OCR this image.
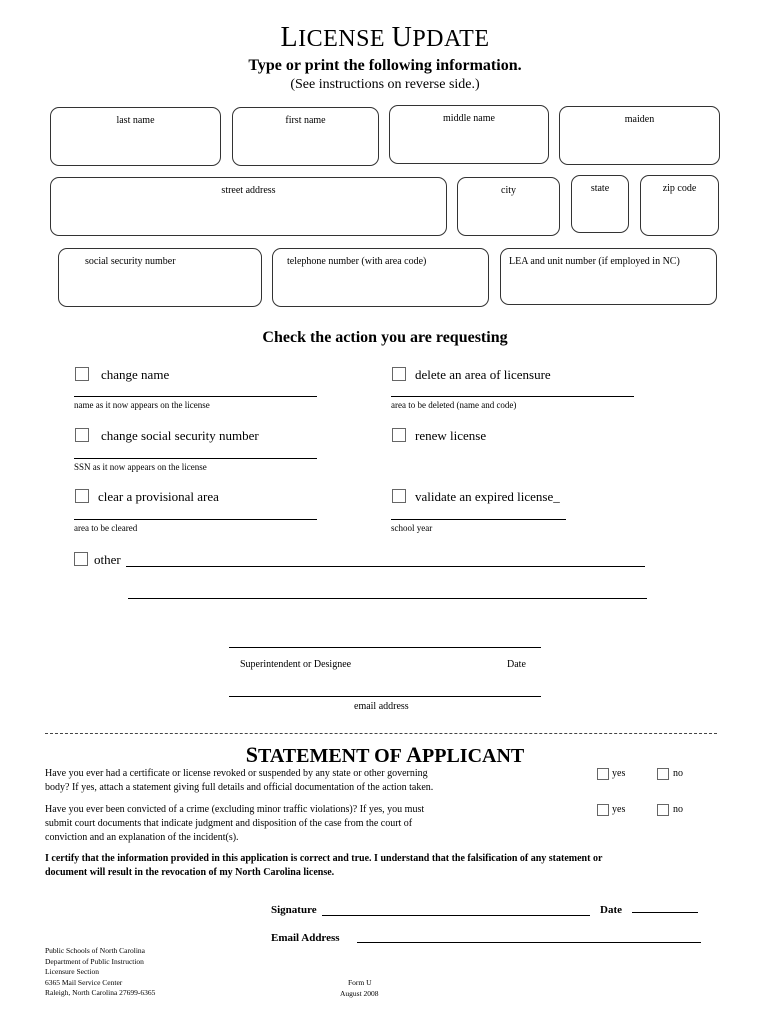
LICENSE UPDATE
Type or print the following information.
(See instructions on reverse side.)
last name	first name	middle name	maiden
street address	city	state	zip code
social security number	telephone number (with area code)	LEA and unit number (if employed in NC)
Check the action you are requesting
change name
name as it now appears on the license
change social security number
SSN as it now appears on the license
clear a provisional area
area to be cleared
other
delete an area of licensure
area to be deleted (name and code)
renew license
validate an expired license_
school year
Superintendent or Designee	Date
email address
STATEMENT OF APPLICANT
Have you ever had a certificate or license revoked or suspended by any state or other governing
body? If yes, attach a statement giving full details and official documentation of the action taken.
yes	no
Have you ever been convicted of a crime (excluding minor traffic violations)? If yes, you must
submit court documents that indicate judgment and disposition of the case from the court of
conviction and an explanation of the incident(s).
yes	no
I certify that the information provided in this application is correct and true. I understand that the falsification of any statement or
document will result in the revocation of my North Carolina license.
Signature	Date
Email Address
Public Schools of North Carolina
Department of Public Instruction
Licensure Section
6365 Mail Service Center
Raleigh, North Carolina 27699-6365
Form U
August 2008
